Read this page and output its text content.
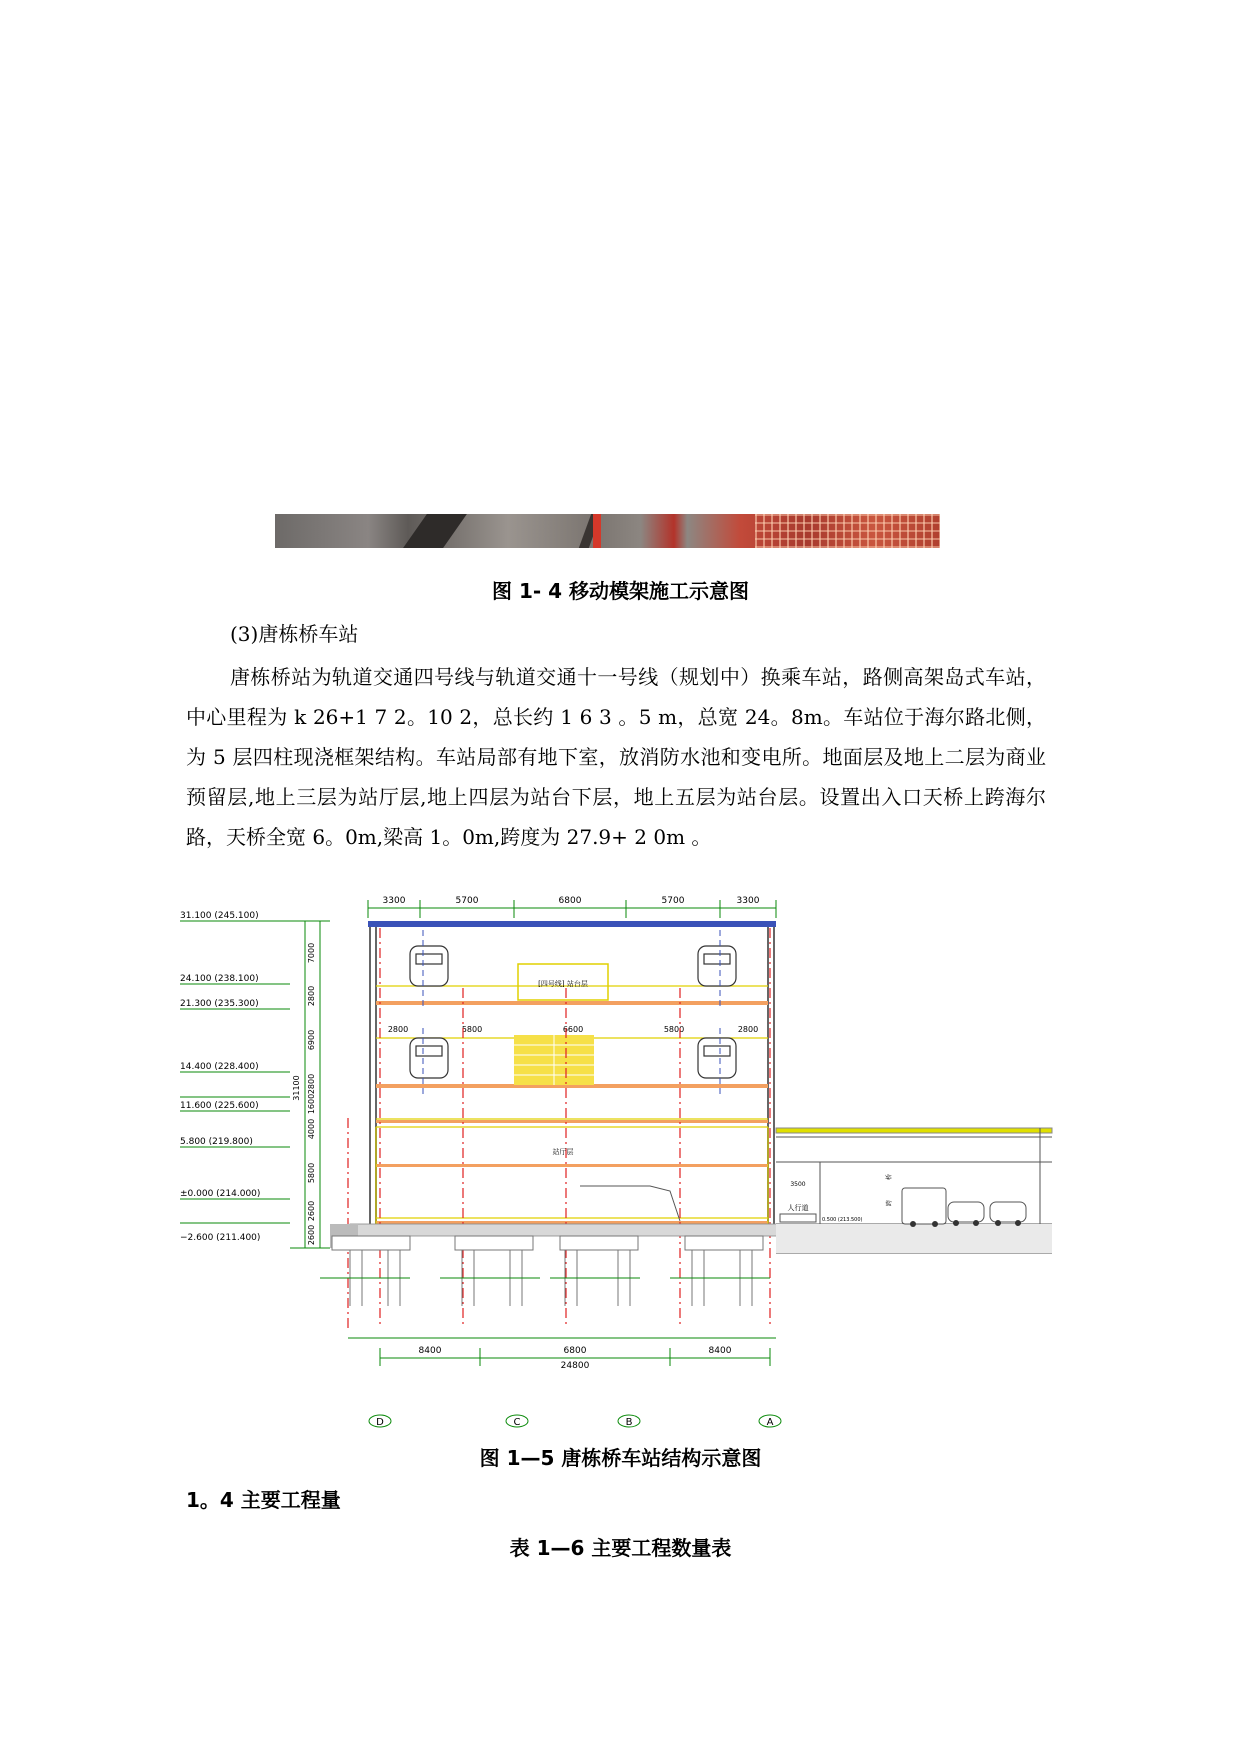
图 1- 4 移动模架施工示意图
(3)唐栋桥车站
唐栋桥站为轨道交通四号线与轨道交通十一号线（规划中）换乘车站，路侧高架岛式车站，中心里程为 k 26+1 7 2。10 2，总长约 1 6 3 。5 m，总宽 24。8m。车站位于海尔路北侧，为 5 层四柱现浇框架结构。车站局部有地下室，放消防水池和变电所。地面层及地上二层为商业预留层,地上三层为站厅层,地上四层为站台下层，地上五层为站台层。设置出入口天桥上跨海尔路，天桥全宽 6。0m,梁高 1。0m,跨度为 27.9+ 2 0m 。
3300	5700	6800	5700	3300
31.100 (245.100)
24.100 (238.100)
21.300 (235.300)
14.400 (228.400)
11.600 (225.600)
5.800 (219.800)
±0.000 (214.000)
−2.600 (211.400)
7000
2800
6900
2800
1600
4000
5800
2600
2600
31100
[四号线] 站台层
2800	5800	6600	5800	2800
站厅层
人行道
3500
0.500 (213.500)
桥
跨
8400	6800	8400
24800
D	C	B	A
图 1—5 唐栋桥车站结构示意图
1。4 主要工程量
表 1—6 主要工程数量表
